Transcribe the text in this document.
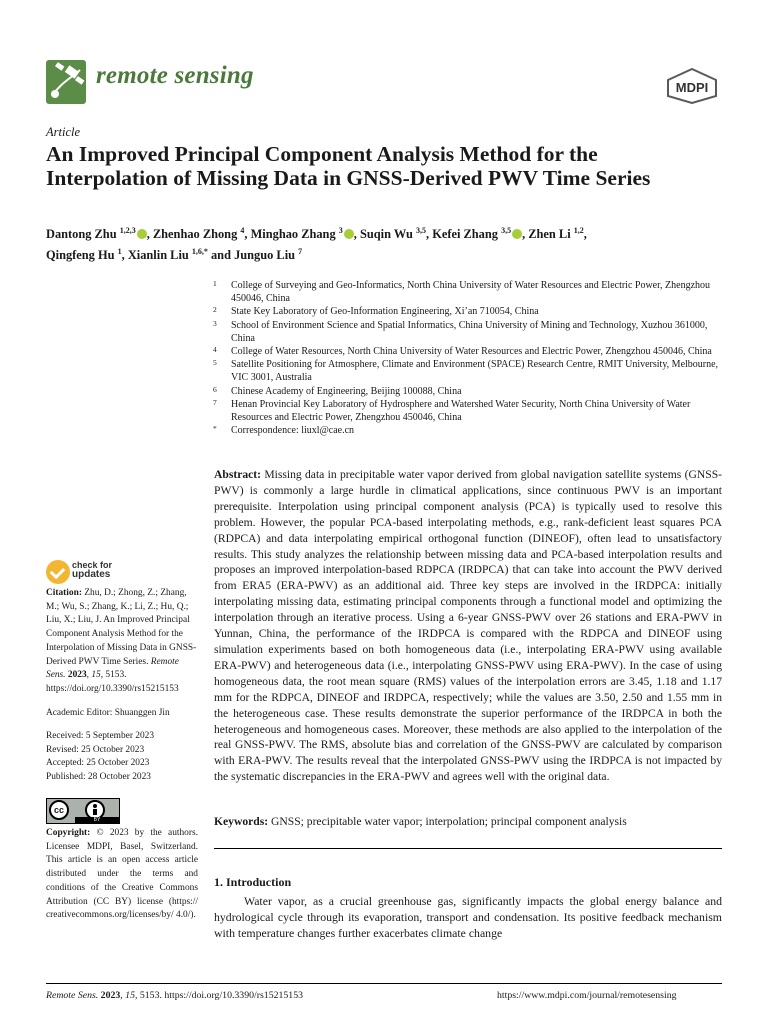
remote sensing	MDPI
Article
An Improved Principal Component Analysis Method for the Interpolation of Missing Data in GNSS-Derived PWV Time Series
Dantong Zhu $^{1,2,3}$ , Zhenhao Zhong $^4$, Minghao Zhang $^3$ , Suqin Wu $^{3,5}$, Kefei Zhang $^{3,5}$ , Zhen Li $^{1,2}$,
Qingfeng Hu $^1$, Xianlin Liu $^{1,6,*}$ and Junguo Liu $^7$
1	College of Surveying and Geo-Informatics, North China University of Water Resources and Electric Power, Zhengzhou 450046, China
2	State Key Laboratory of Geo-Information Engineering, Xi’an 710054, China
3	School of Environment Science and Spatial Informatics, China University of Mining and Technology, Xuzhou 361000, China
4	College of Water Resources, North China University of Water Resources and Electric Power, Zhengzhou 450046, China
5	Satellite Positioning for Atmosphere, Climate and Environment (SPACE) Research Centre, RMIT University, Melbourne, VIC 3001, Australia
6	Chinese Academy of Engineering, Beijing 100088, China
7	Henan Provincial Key Laboratory of Hydrosphere and Watershed Water Security, North China University of Water Resources and Electric Power, Zhengzhou 450046, China
*	Correspondence: liuxl@cae.cn
check for
updates
Citation: Zhu, D.; Zhong, Z.; Zhang, M.; Wu, S.; Zhang, K.; Li, Z.; Hu, Q.; Liu, X.; Liu, J. An Improved Principal Component Analysis Method for the Interpolation of Missing Data in GNSS-Derived PWV Time Series. Remote Sens. 2023, 15, 5153. https://doi.org/10.3390/rs15215153
Academic Editor: Shuanggen Jin
Received: 5 September 2023
Revised: 25 October 2023
Accepted: 25 October 2023
Published: 28 October 2023
cc
BY
Copyright: © 2023 by the authors. Licensee MDPI, Basel, Switzerland. This article is an open access article distributed under the terms and conditions of the Creative Commons Attribution (CC BY) license (https:// creativecommons.org/licenses/by/ 4.0/).
Abstract: Missing data in precipitable water vapor derived from global navigation satellite systems (GNSS-PWV) is commonly a large hurdle in climatical applications, since continuous PWV is an important prerequisite. Interpolation using principal component analysis (PCA) is typically used to resolve this problem. However, the popular PCA-based interpolating methods, e.g., rank-deficient least squares PCA (RDPCA) and data interpolating empirical orthogonal function (DINEOF), often lead to unsatisfactory results. This study analyzes the relationship between missing data and PCA-based interpolation results and proposes an improved interpolation-based RDPCA (IRDPCA) that can take into account the PWV derived from ERA5 (ERA-PWV) as an additional aid. Three key steps are involved in the IRDPCA: initially interpolating missing data, estimating principal components through a functional model and optimizing the interpolation through an iterative process. Using a 6-year GNSS-PWV over 26 stations and ERA-PWV in Yunnan, China, the performance of the IRDPCA is compared with the RDPCA and DINEOF using simulation experiments based on both homogeneous data (i.e., interpolating ERA-PWV using available ERA-PWV) and heterogeneous data (i.e., interpolating GNSS-PWV using ERA-PWV). In the case of using homogeneous data, the root mean square (RMS) values of the interpolation errors are 3.45, 1.18 and 1.17 mm for the RDPCA, DINEOF and IRDPCA, respectively; while the values are 3.50, 2.50 and 1.55 mm in the heterogeneous case. These results demonstrate the superior performance of the IRDPCA in both the heterogeneous and homogeneous cases. Moreover, these methods are also applied to the interpolation of the real GNSS-PWV. The RMS, absolute bias and correlation of the GNSS-PWV are calculated by comparison with ERA-PWV. The results reveal that the interpolated GNSS-PWV using the IRDPCA is not impacted by the systematic discrepancies in the ERA-PWV and agrees well with the original data.
Keywords: GNSS; precipitable water vapor; interpolation; principal component analysis
1. Introduction
Water vapor, as a crucial greenhouse gas, significantly impacts the global energy balance and hydrological cycle through its evaporation, transport and condensation. Its positive feedback mechanism with temperature changes further exacerbates climate change
Remote Sens. 2023, 15, 5153. https://doi.org/10.3390/rs15215153	https://www.mdpi.com/journal/remotesensing
